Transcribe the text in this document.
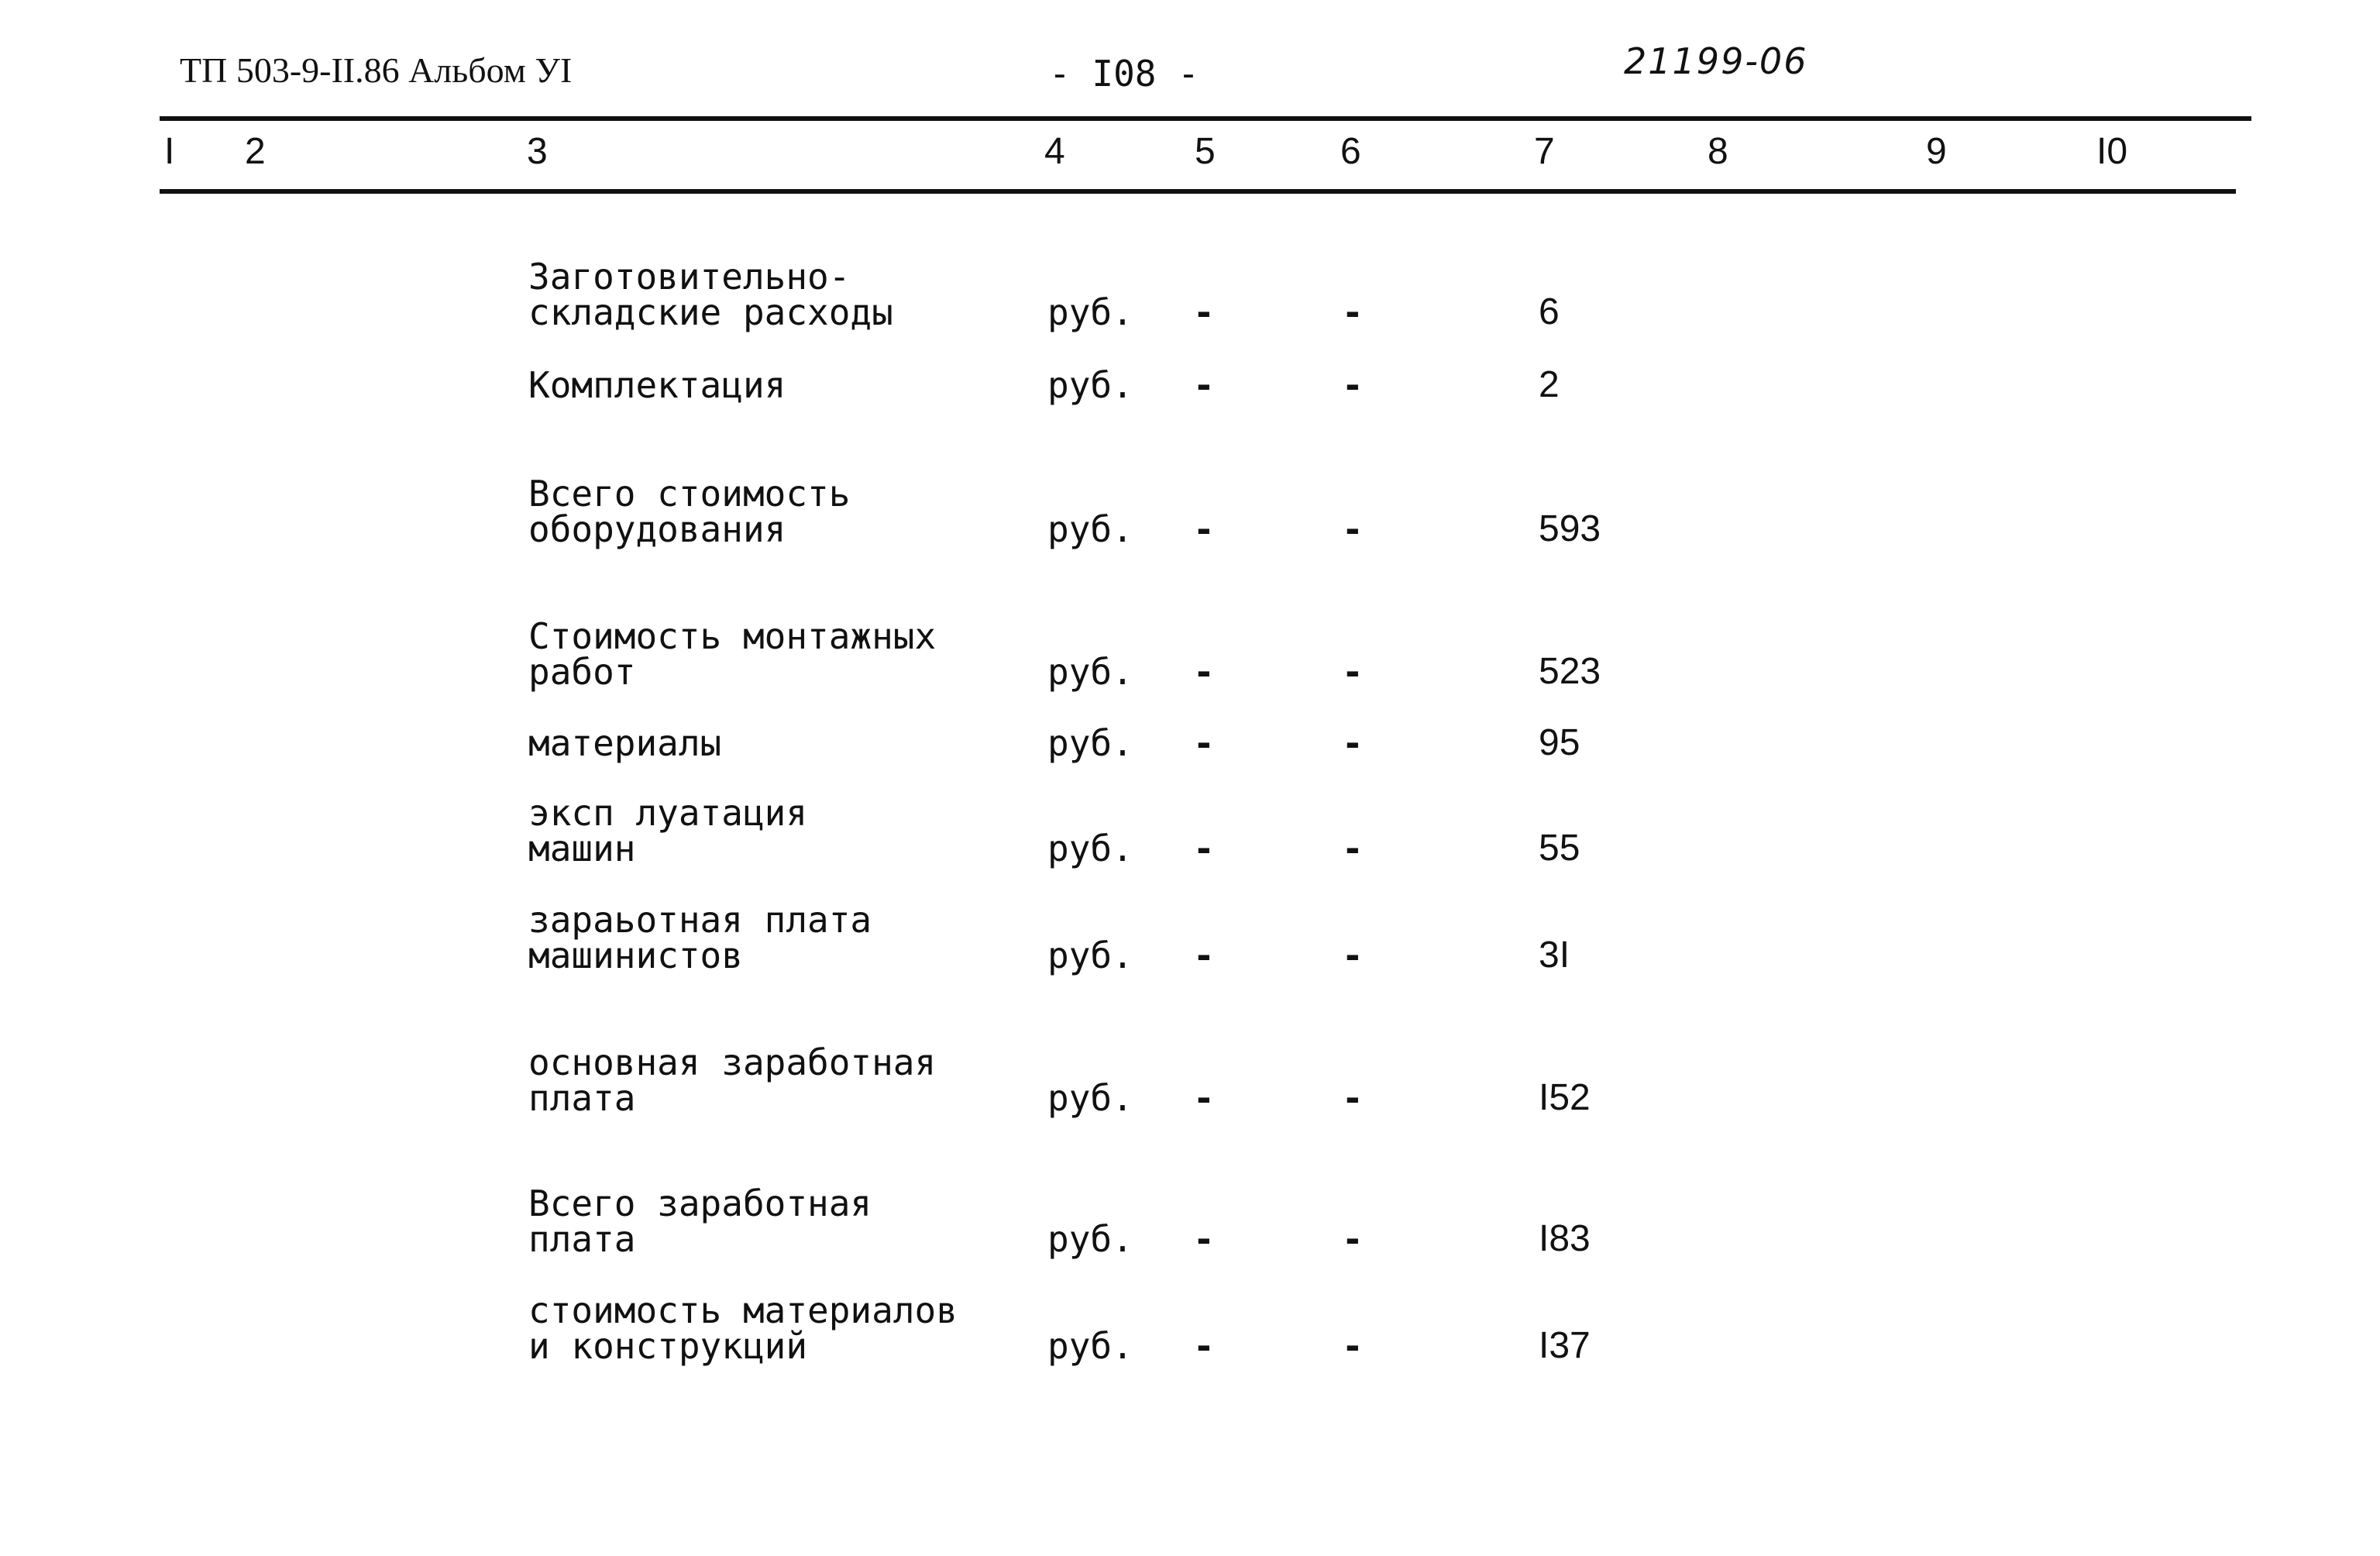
ТП 503-9-II.86 Альбом УI	- I08 -	21199-06
I 2	3	4	5	6	7	8	9	I0
Заготовительно-
складские расходы	руб. -	-	6
Комплектация	руб. -	-	2
Всего стоимость
оборудования	руб. -	-	593
Стоимость монтажных
работ	руб. -	-	523
материалы	руб. -	-	95
эксп луатация
машин	руб. -	-	55
зараьотная плата
машинистов	руб. -	-	3I
основная заработная
плата	руб. -	-	I52
Всего заработная
плата	руб. -	-	I83
стоимость материалов
и конструкций	руб. -	-	I37
